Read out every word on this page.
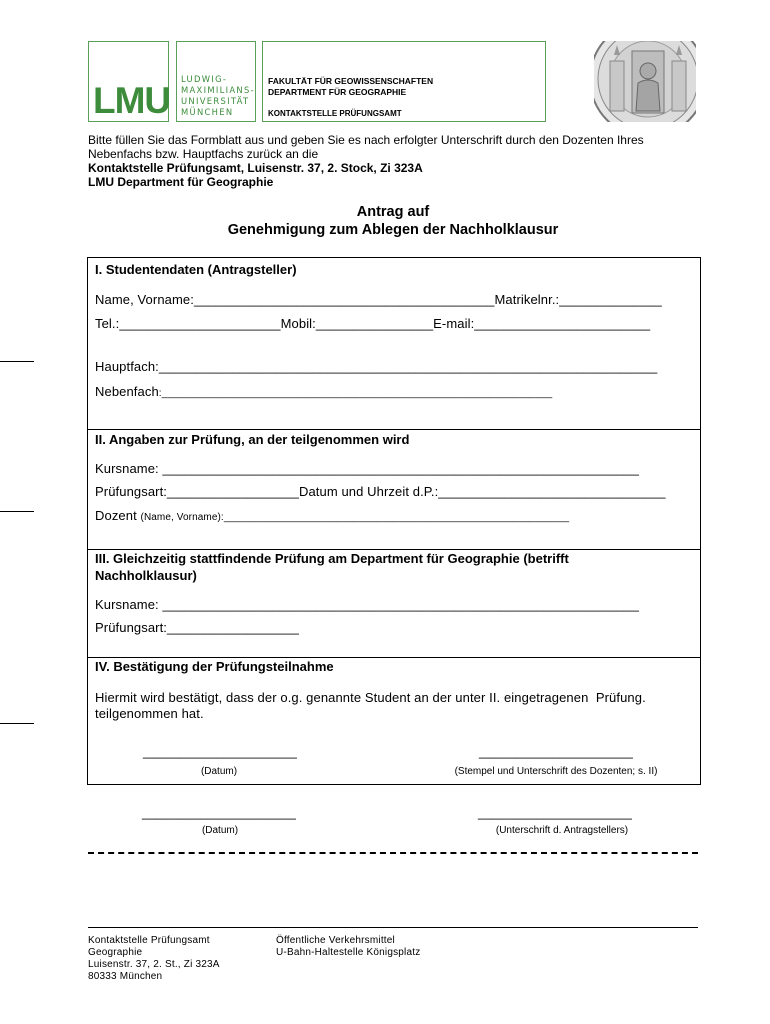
LMU
LUDWIG-
MAXIMILIANS-
UNIVERSITÄT
MÜNCHEN
FAKULTÄT FÜR GEOWISSENSCHAFTEN
DEPARTMENT FÜR GEOGRAPHIE
KONTAKTSTELLE PRÜFUNGSAMT
Bitte füllen Sie das Formblatt aus und geben Sie es nach erfolgter Unterschrift durch den Dozenten Ihres
Nebenfachs bzw. Hauptfachs zurück an die
Kontaktstelle Prüfungsamt, Luisenstr. 37, 2. Stock, Zi 323A
LMU Department für Geographie
Antrag auf
Genehmigung zum Ablegen der Nachholklausur
I. Studentendaten (Antragsteller)
Name, Vorname:_________________________________________Matrikelnr.:______________
Tel.:______________________Mobil:________________E-mail:________________________
Hauptfach:____________________________________________________________________
Nebenfach:_____________________________________________________________________
II. Angaben zur Prüfung, an der teilgenommen wird
Kursname: _________________________________________________________________
Prüfungsart:__________________Datum und Uhrzeit d.P.:_______________________________
Dozent (Name, Vorname):_____________________________________________________________
III. Gleichzeitig stattfindende Prüfung am Department für Geographie (betrifft
Nachholklausur)
Kursname: _________________________________________________________________
Prüfungsart:__________________
IV. Bestätigung der Prüfungsteilnahme
Hiermit wird bestätigt, dass der o.g. genannte Student an der unter II. eingetragenen  Prüfung.
teilgenommen hat.
_____________________	_____________________
(Datum)	(Stempel und Unterschrift des Dozenten; s. II)
_____________________	_____________________
(Datum)	(Unterschrift d. Antragstellers)
Kontaktstelle Prüfungsamt
Geographie
Luisenstr. 37, 2. St., Zi 323A
80333 München
Öffentliche Verkehrsmittel
U-Bahn-Haltestelle Königsplatz
